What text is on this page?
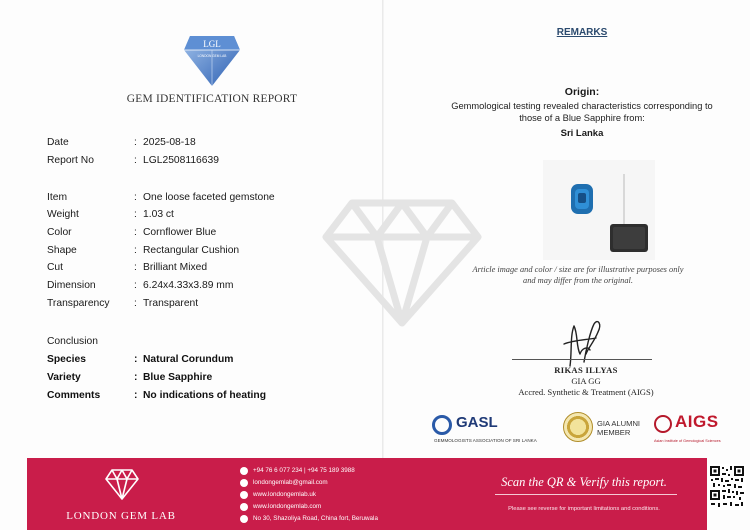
LGL
LONDON GEM LAB
GEM IDENTIFICATION REPORT
Date	: 2025-08-18
Report No	: LGL2508116639
Item	: One loose faceted gemstone
Weight	: 1.03 ct
Color	: Cornflower Blue
Shape	: Rectangular Cushion
Cut	: Brilliant Mixed
Dimension	: 6.24x4.33x3.89 mm
Transparency	: Transparent
Conclusion
Species	: Natural Corundum
Variety	: Blue Sapphire
Comments	: No indications of heating
REMARKS
Origin:
Gemmological testing revealed characteristics corresponding to those of a Blue Sapphire from:
Sri Lanka
Article image and color / size are for illustrative purposes only and may differ from the original.
RIKAS ILLYAS
GIA GG
Accred. Synthetic & Treatment (AIGS)
GASL
GEMMOLOGISTS ASSOCIATION OF SRI LANKA
GIA ALUMNI
MEMBER
AIGS
Asian Institute of Gemological Sciences
LONDON GEM LAB
+94 76 6 077 234 | +94 75 189 3988
londongemlab@gmail.com
www.londongemlab.uk
www.londongemlab.com
No 30, Shazoliya Road, China fort, Beruwala
Scan the QR & Verify this report.
Please see reverse for important limitations and conditions.
